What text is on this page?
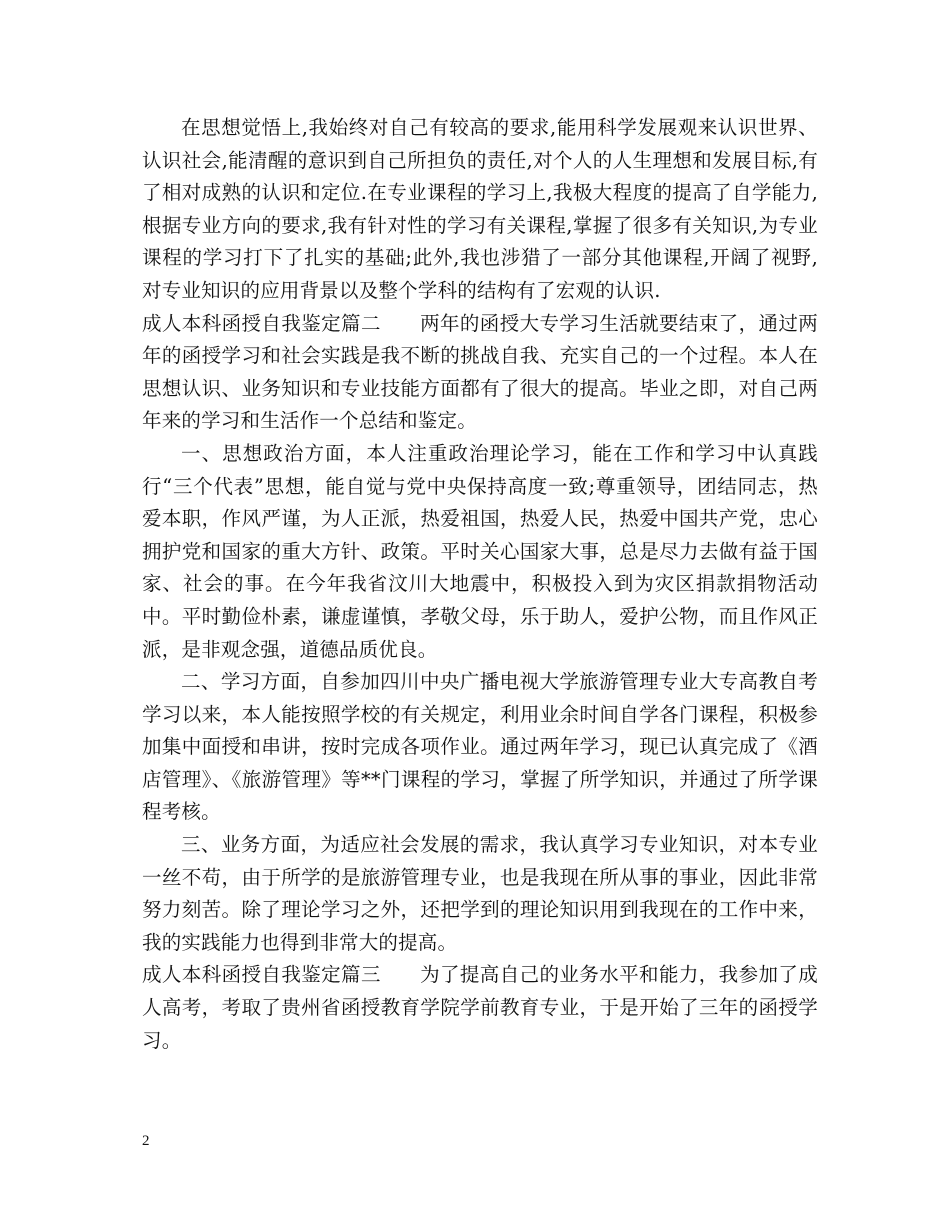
在思想觉悟上,我始终对自己有较高的要求,能用科学发展观来认识世界、认识社会,能清醒的意识到自己所担负的责任,对个人的人生理想和发展目标,有了相对成熟的认识和定位.在专业课程的学习上,我极大程度的提高了自学能力,根据专业方向的要求,我有针对性的学习有关课程,掌握了很多有关知识,为专业课程的学习打下了扎实的基础;此外,我也涉猎了一部分其他课程,开阔了视野,对专业知识的应用背景以及整个学科的结构有了宏观的认识.

成人本科函授自我鉴定篇二 两年的函授大专学习生活就要结束了，通过两年的函授学习和社会实践是我不断的挑战自我、充实自己的一个过程。本人在思想认识、业务知识和专业技能方面都有了很大的提高。毕业之即，对自己两年来的学习和生活作一个总结和鉴定。

一、思想政治方面，本人注重政治理论学习，能在工作和学习中认真践行“三个代表”思想，能自觉与党中央保持高度一致;尊重领导，团结同志，热爱本职，作风严谨，为人正派，热爱祖国，热爱人民，热爱中国共产党，忠心拥护党和国家的重大方针、政策。平时关心国家大事，总是尽力去做有益于国家、社会的事。在今年我省汶川大地震中，积极投入到为灾区捐款捐物活动中。平时勤俭朴素，谦虚谨慎，孝敬父母，乐于助人，爱护公物，而且作风正派，是非观念强，道德品质优良。

二、学习方面，自参加四川中央广播电视大学旅游管理专业大专高教自考学习以来，本人能按照学校的有关规定，利用业余时间自学各门课程，积极参加集中面授和串讲，按时完成各项作业。通过两年学习，现已认真完成了《酒店管理》、《旅游管理》等**门课程的学习，掌握了所学知识，并通过了所学课程考核。

三、业务方面，为适应社会发展的需求，我认真学习专业知识，对本专业一丝不苟，由于所学的是旅游管理专业，也是我现在所从事的事业，因此非常努力刻苦。除了理论学习之外，还把学到的理论知识用到我现在的工作中来，我的实践能力也得到非常大的提高。

成人本科函授自我鉴定篇三 为了提高自己的业务水平和能力，我参加了成人高考，考取了贵州省函授教育学院学前教育专业，于是开始了三年的函授学习。

2
